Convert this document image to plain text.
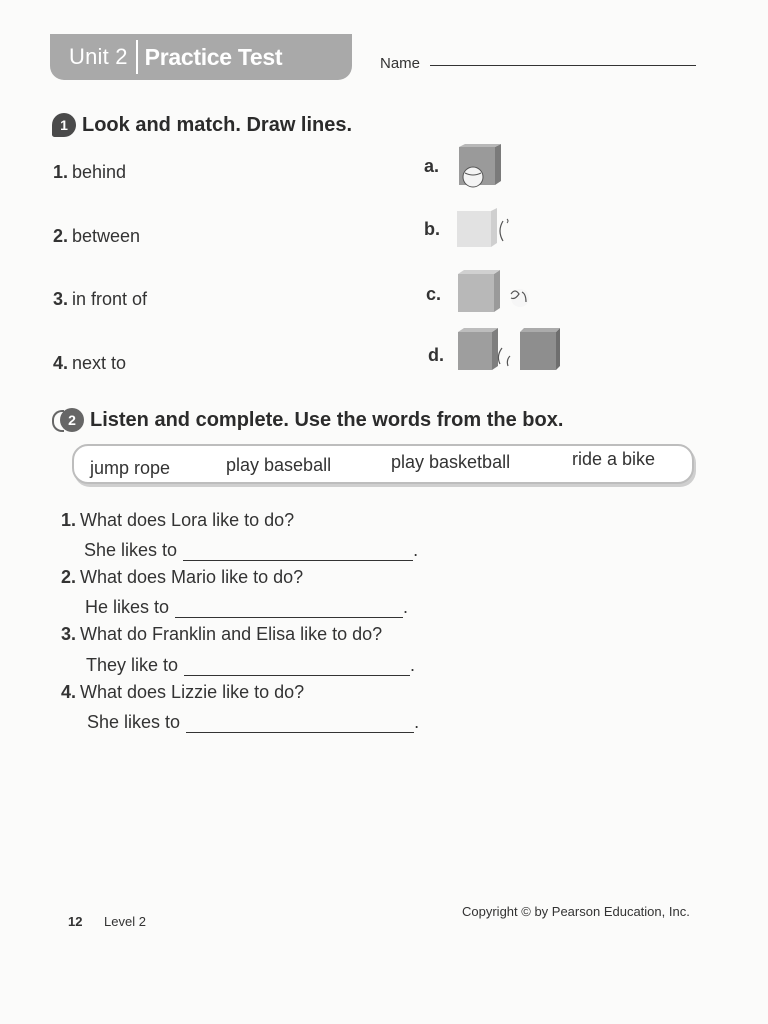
Unit 2 Practice Test	Name
1 Look and match. Draw lines.
1. behind
2. between
3. in front of
4. next to
a.
b.
c.
d.
2 Listen and complete. Use the words from the box.
jump rope	play baseball	play basketball	ride a bike
1. What does Lora like to do?
She likes to	.
2. What does Mario like to do?
He likes to	.
3. What do Franklin and Elisa like to do?
They like to	.
4. What does Lizzie like to do?
She likes to	.
12 Level 2
Copyright © by Pearson Education, Inc.
